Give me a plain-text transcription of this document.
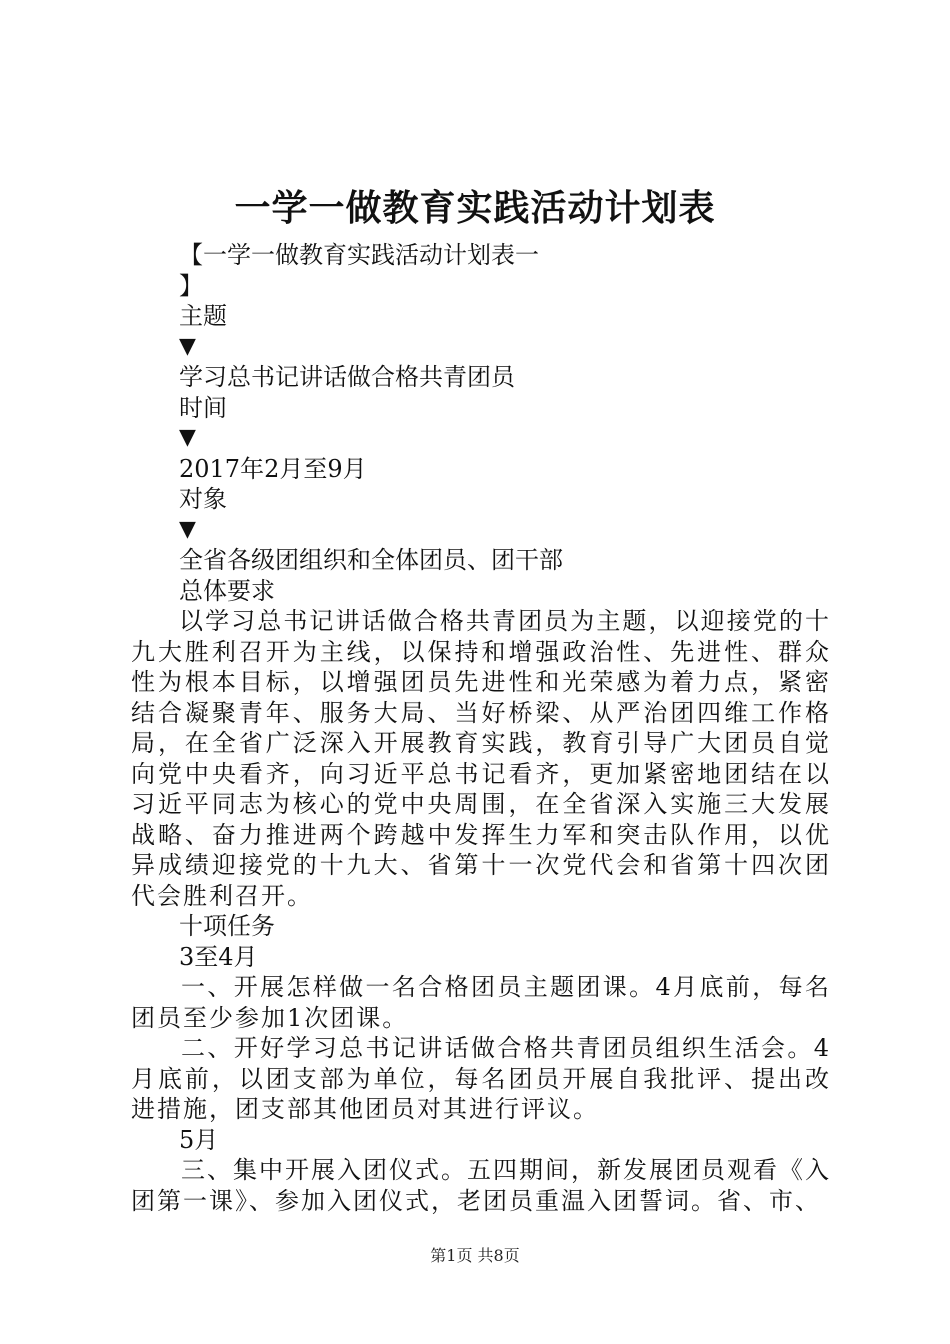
一学一做教育实践活动计划表
【一学一做教育实践活动计划表一
】
主题
▼
学习总书记讲话做合格共青团员
时间
▼
2017年2月至9月
对象
▼
全省各级团组织和全体团员、团干部
总体要求

以学习总书记讲话做合格共青团员为主题，以迎接党的十九大胜利召开为主线，以保持和增强政治性、先进性、群众性为根本目标，以增强团员先进性和光荣感为着力点，紧密结合凝聚青年、服务大局、当好桥梁、从严治团四维工作格局，在全省广泛深入开展教育实践，教育引导广大团员自觉向党中央看齐，向习近平总书记看齐，更加紧密地团结在以习近平同志为核心的党中央周围，在全省深入实施三大发展战略、奋力推进两个跨越中发挥生力军和突击队作用，以优异成绩迎接党的十九大、省第十一次党代会和省第十四次团代会胜利召开。

十项任务
3至4月

一、开展怎样做一名合格团员主题团课。4月底前，每名团员至少参加1次团课。

二、开好学习总书记讲话做合格共青团员组织生活会。4月底前，以团支部为单位，每名团员开展自我批评、提出改进措施，团支部其他团员对其进行评议。

5月

三、集中开展入团仪式。五四期间，新发展团员观看《入团第一课》、参加入团仪式，老团员重温入团誓词。省、市、

第1页 共8页
